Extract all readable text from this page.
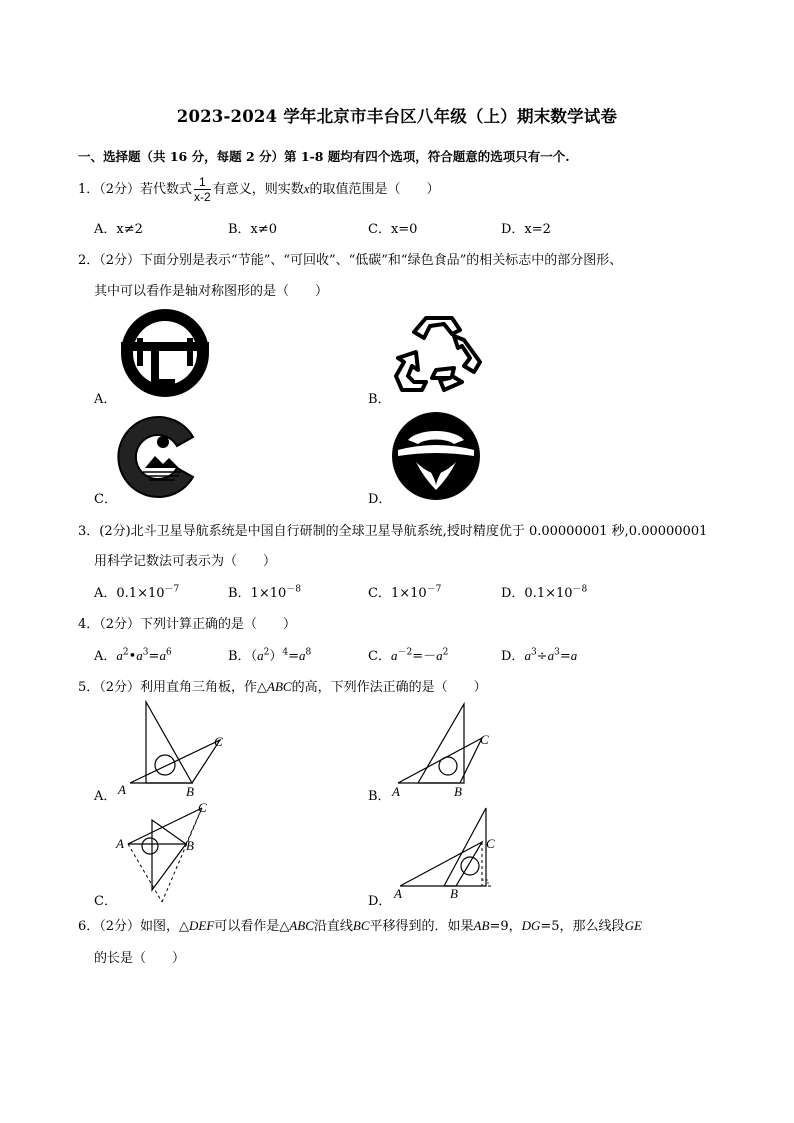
2023-2024 学年北京市丰台区八年级（上）期末数学试卷
一、选择题（共 16 分，每题 2 分）第 1-8 题均有四个选项，符合题意的选项只有一个.
1．（2分）若代数式 $\frac{1}{x-2}$ 有意义，则实数x的取值范围是（　　）
A．x≠2	B．x≠0	C．x=0	D．x=2
2．（2分）下面分别是表示“节能”、“可回收”、“低碳”和“绿色食品”的相关标志中的部分图形、
其中可以看作是轴对称图形的是（　　）
A．	B．
C．	D．
3．(2分)北斗卫星导航系统是中国自行研制的全球卫星导航系统,授时精度优于 0.00000001 秒,0.00000001
用科学记数法可表示为（　　）
A．$0.1\times 10^{-7}$	B．$1\times 10^{-8}$	C．$1\times 10^{-7}$	D．$0.1\times 10^{-8}$
4．（2分）下列计算正确的是（　　）
A．$a^2•a^3=a^6$	B．$(a^2)^4=a^8$	C．$a^{-2}=-a^2$	D．$a^3\div a^3=a$
5．（2分）利用直角三角板，作△ABC的高，下列作法正确的是（　　）
A	B
C
A．	A	B
C
B．
A	B
C
C．
A	B
C
D．
6．（2分）如图，△DEF可以看作是△ABC沿直线BC平移得到的．如果AB=9，DG=5，那么线段GE
的长是（　　）
